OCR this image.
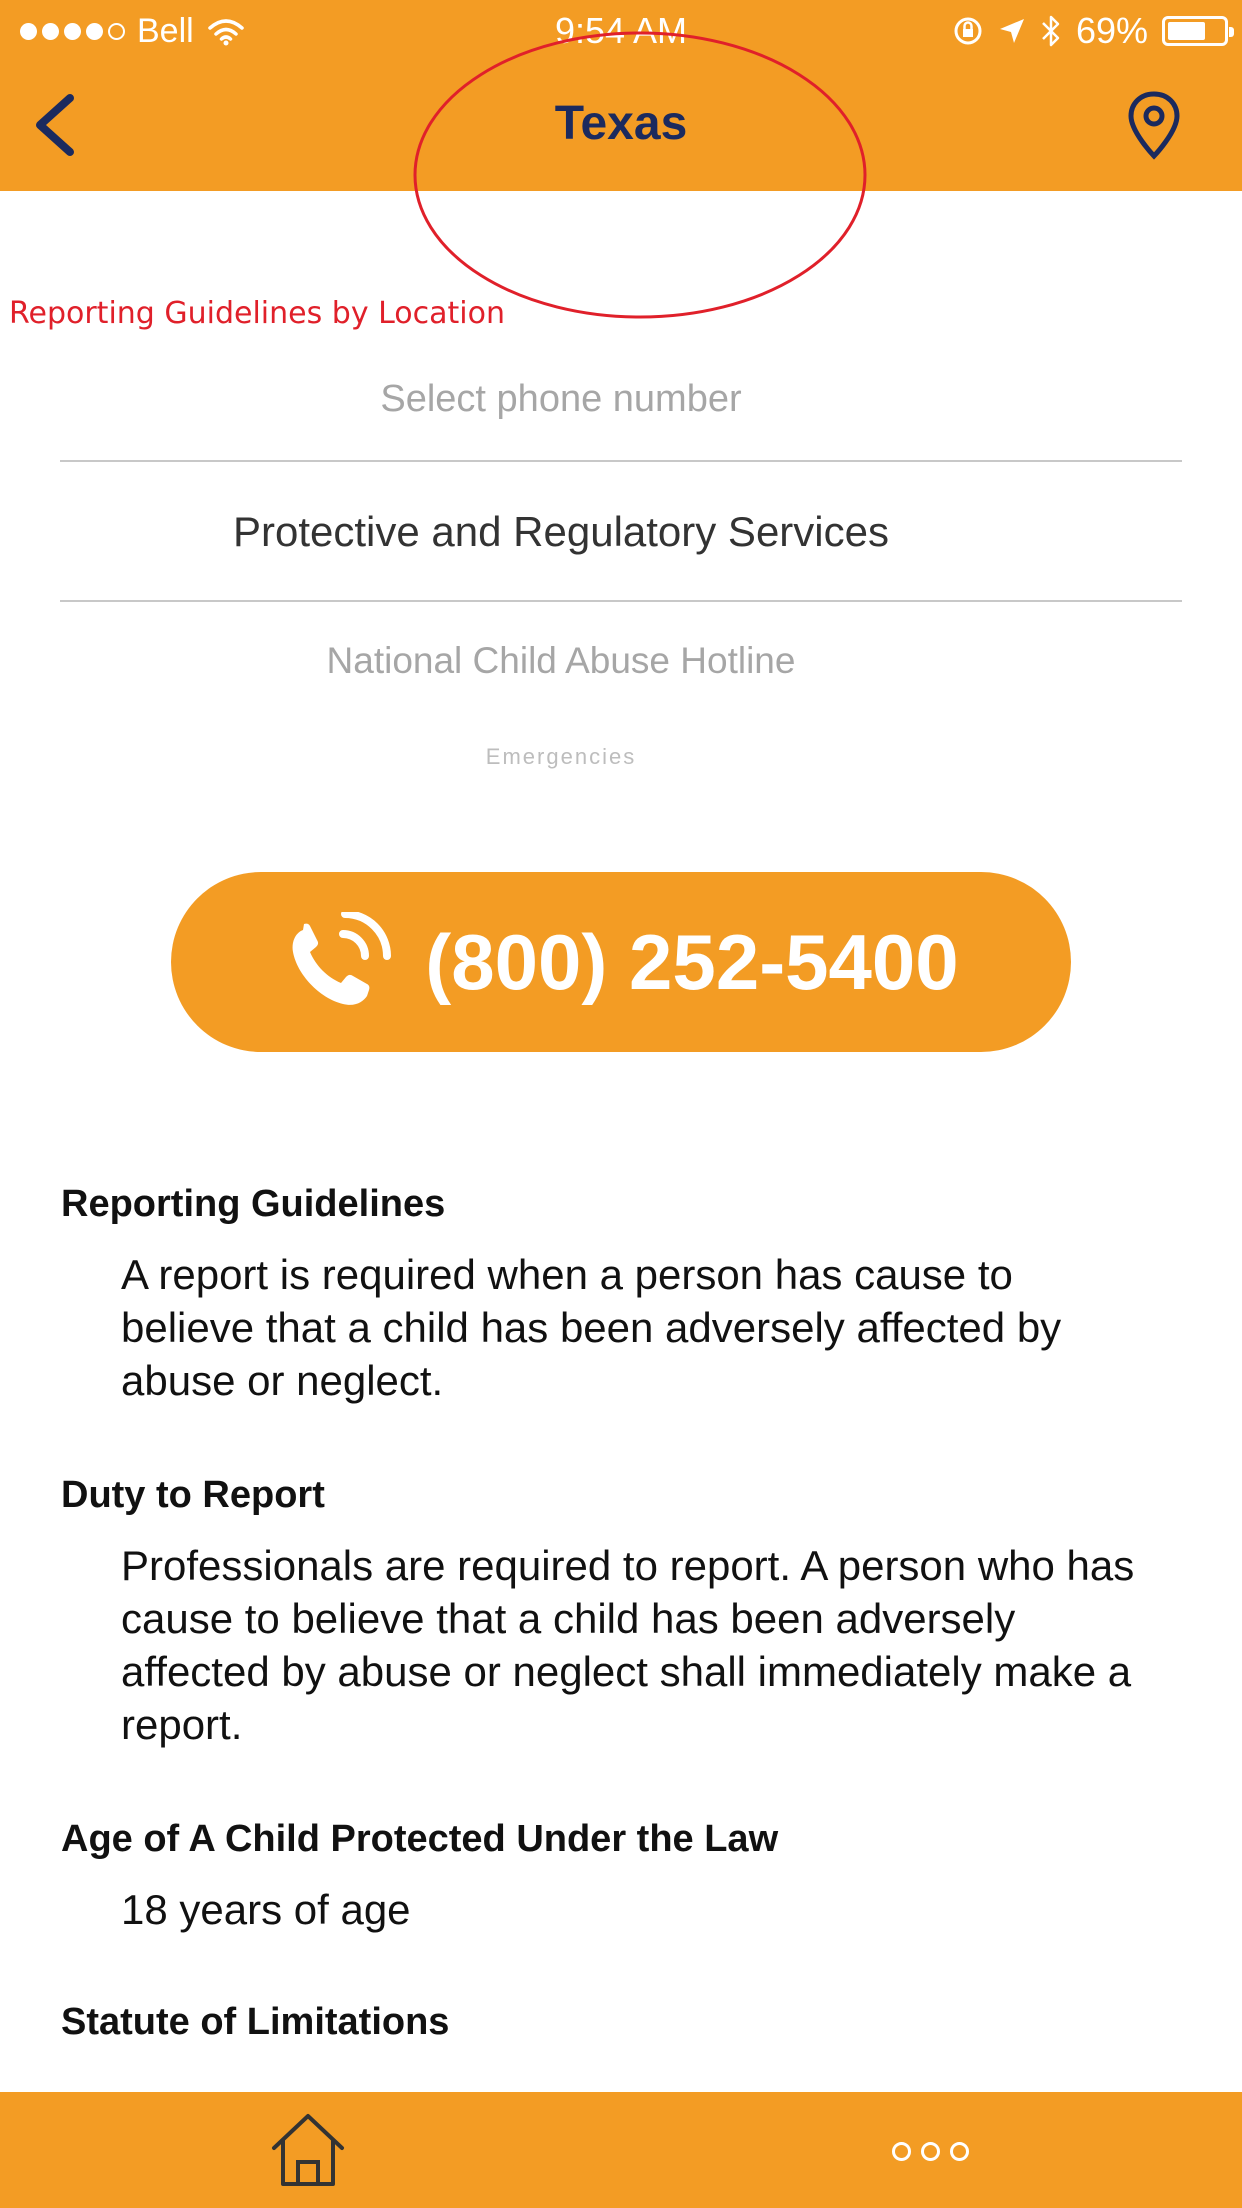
Bell	9:54 AM	69%
Texas
Reporting Guidelines by Location
Select phone number
Protective and Regulatory Services
National Child Abuse Hotline
Emergencies
(800) 252-5400
Reporting Guidelines
A report is required when a person has cause to believe that a child has been adversely affected by abuse or neglect.
Duty to Report
Professionals are required to report. A person who has cause to believe that a child has been adversely affected by abuse or neglect shall immediately make a report.
Age of A Child Protected Under the Law
18 years of age
Statute of Limitations
